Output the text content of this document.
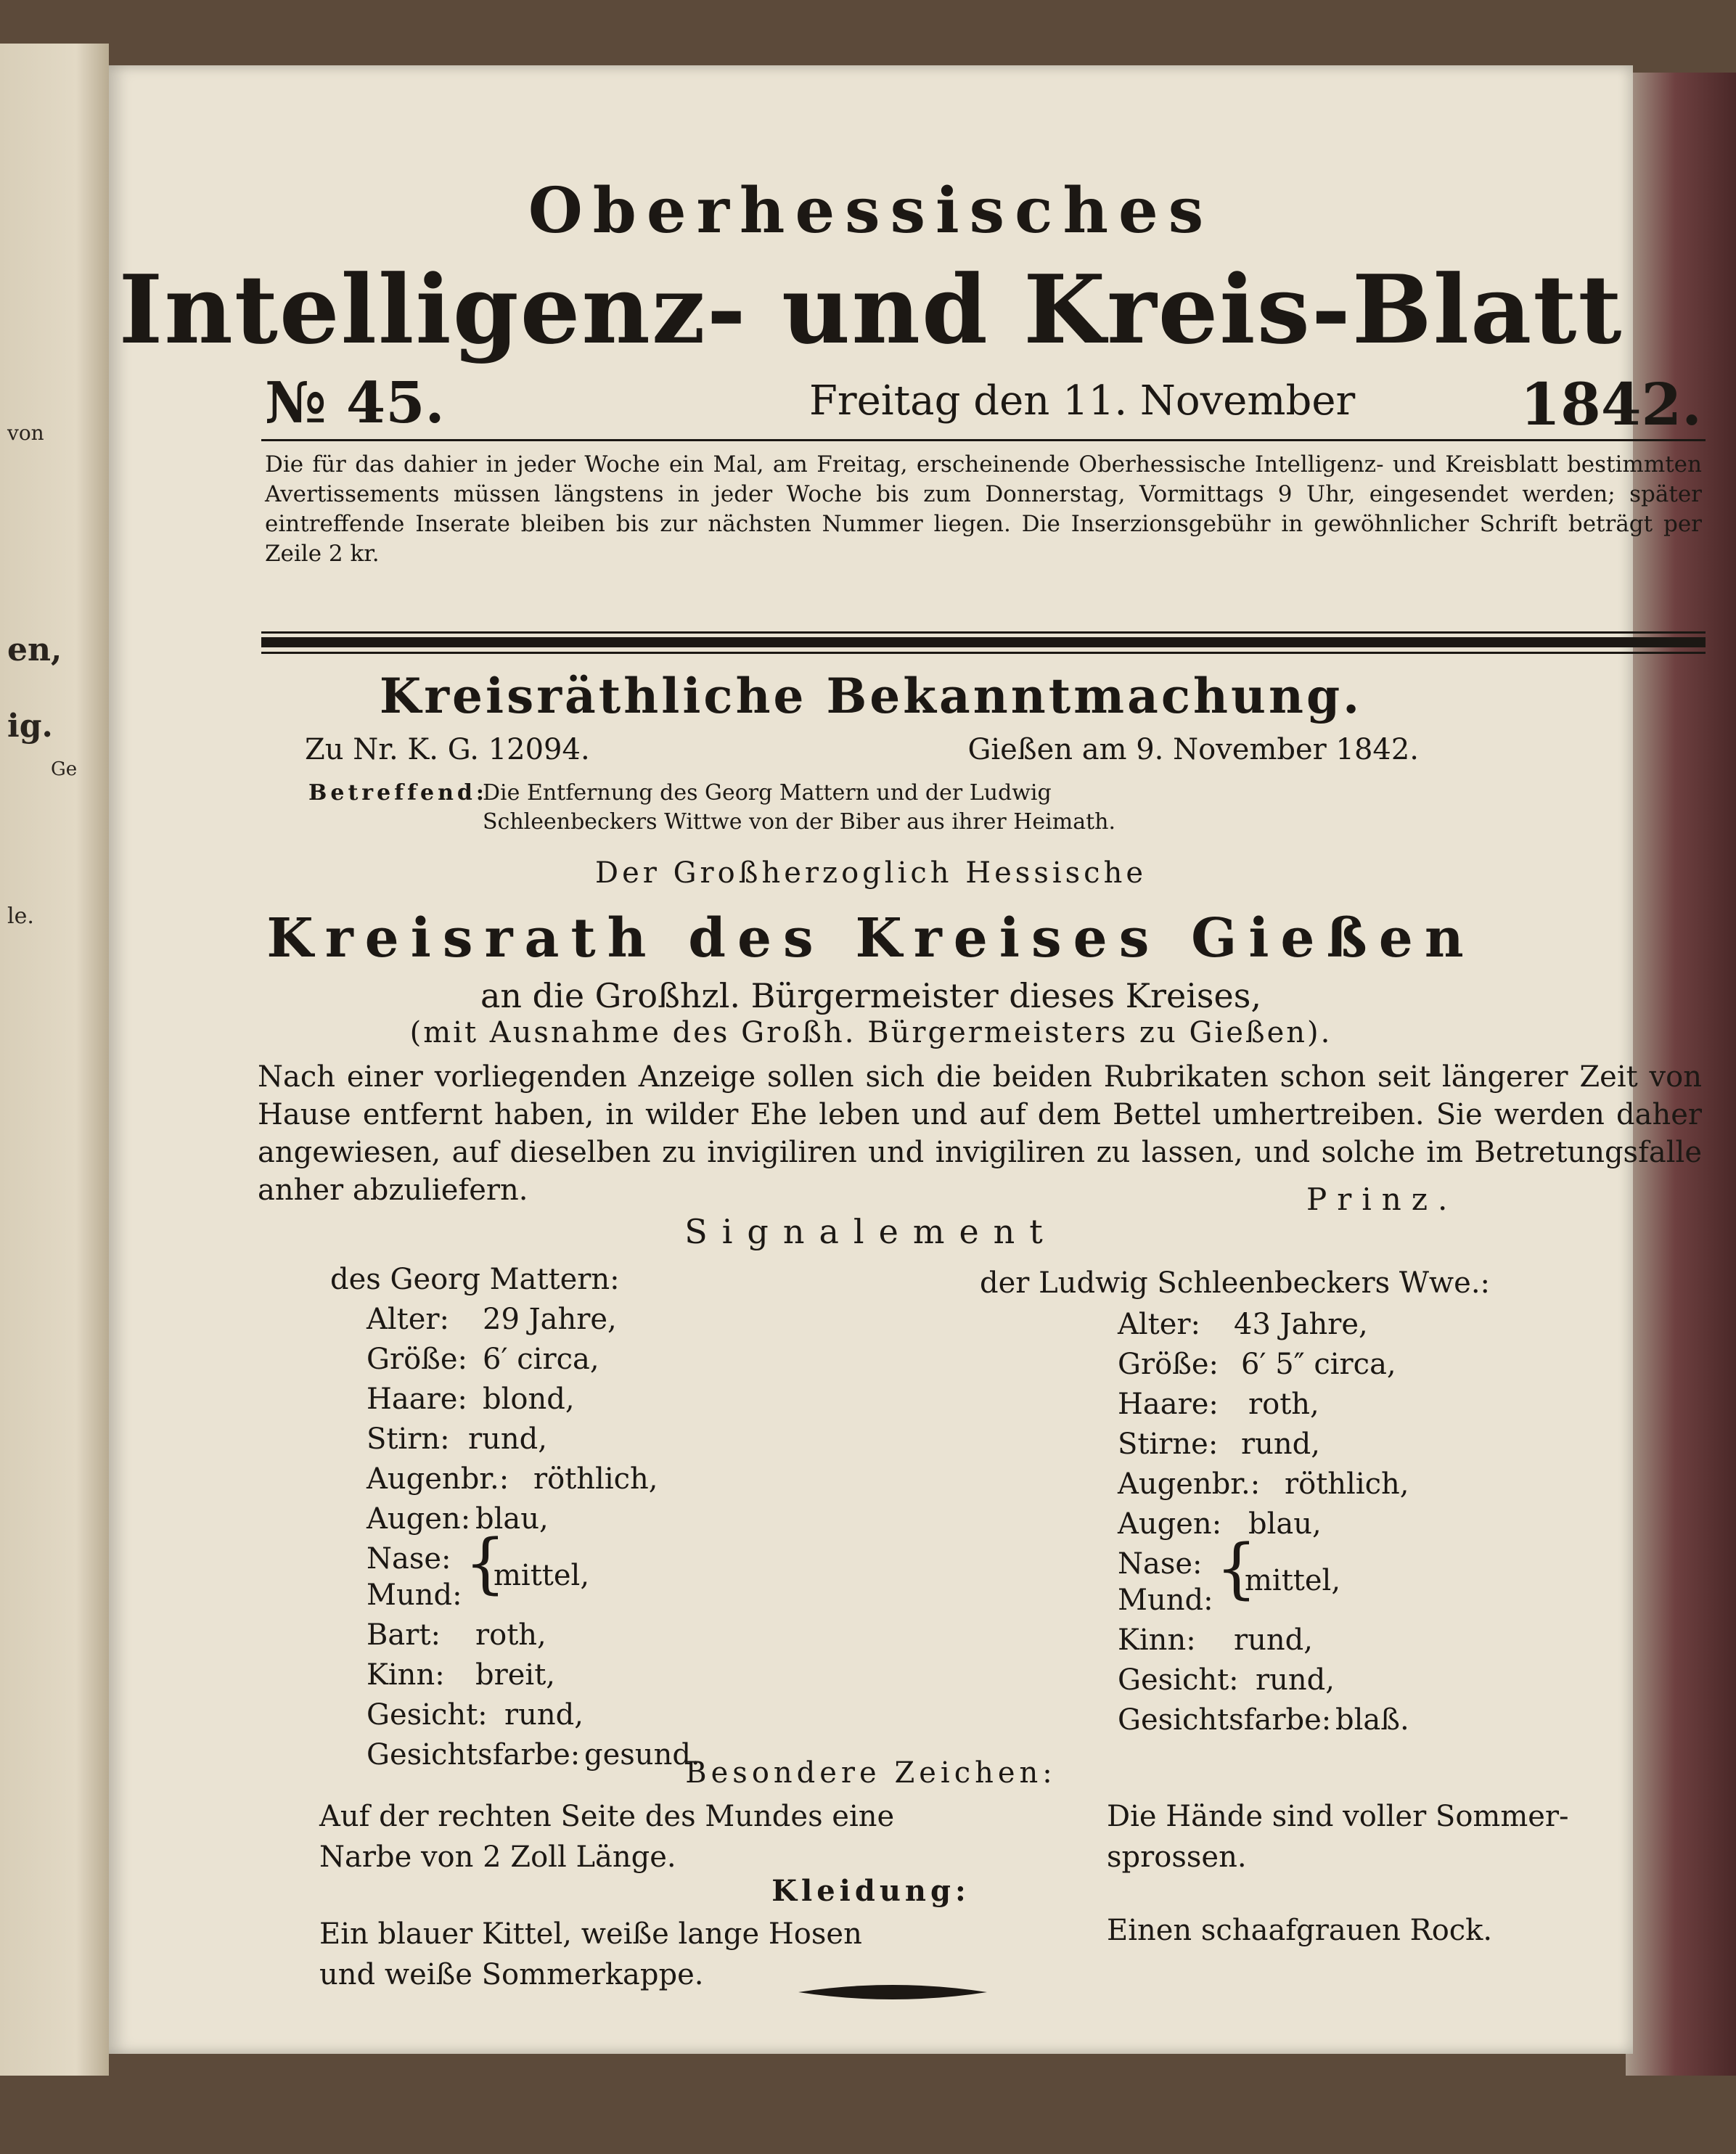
von
en,
ig.
Ge
le.
Oberhessisches
Intelligenz- und Kreis-Blatt
№ 45.	Freitag den 11. November	1842.
Die für das dahier in jeder Woche ein Mal, am Freitag, erscheinende Oberhessische Intelligenz- und Kreisblatt bestimmten Avertissements müssen längstens in jeder Woche bis zum Donnerstag, Vormittags 9 Uhr, eingesendet werden; später eintreffende Inserate bleiben bis zur nächsten Nummer liegen. Die Inserzionsgebühr in gewöhnlicher Schrift beträgt per Zeile 2 kr.
Kreisräthliche Bekanntmachung.
Zu Nr. K. G. 12094.	Gießen am 9. November 1842.
Betreffend:
Die Entfernung des Georg Mattern und der Ludwig
Schleenbeckers Wittwe von der Biber aus ihrer Heimath.
Der Großherzoglich Hessische
Kreisrath des Kreises Gießen
an die Großhzl. Bürgermeister dieses Kreises,
(mit Ausnahme des Großh. Bürgermeisters zu Gießen).
Nach einer vorliegenden Anzeige sollen sich die beiden Rubrikaten schon seit längerer Zeit von Hause entfernt haben, in wilder Ehe leben und auf dem Bettel umhertreiben. Sie werden daher angewiesen, auf dieselben zu invigiliren und invigiliren zu lassen, und solche im Betretungsfalle anher abzuliefern.	Prinz.
Signalement
des Georg Mattern:
Alter: 29 Jahre,
Größe: 6′ circa,
Haare: blond,
Stirn: rund,
Augenbr.: röthlich,
Augen: blau,
Nase:
Mund: {
mittel,
Bart: roth,
Kinn: breit,
Gesicht: rund,
Gesichtsfarbe: gesund.
der Ludwig Schleenbeckers Wwe.:
Alter: 43 Jahre,
Größe: 6′ 5″ circa,
Haare: roth,
Stirne: rund,
Augenbr.: röthlich,
Augen: blau,
Nase:
Mund: {
mittel,
Kinn: rund,
Gesicht: rund,
Gesichtsfarbe: blaß.
Besondere Zeichen:
Auf der rechten Seite des Mundes eine
Narbe von 2 Zoll Länge.
Die Hände sind voller Sommer-
sprossen.
Kleidung:
Ein blauer Kittel, weiße lange Hosen
und weiße Sommerkappe.
Einen schaafgrauen Rock.
